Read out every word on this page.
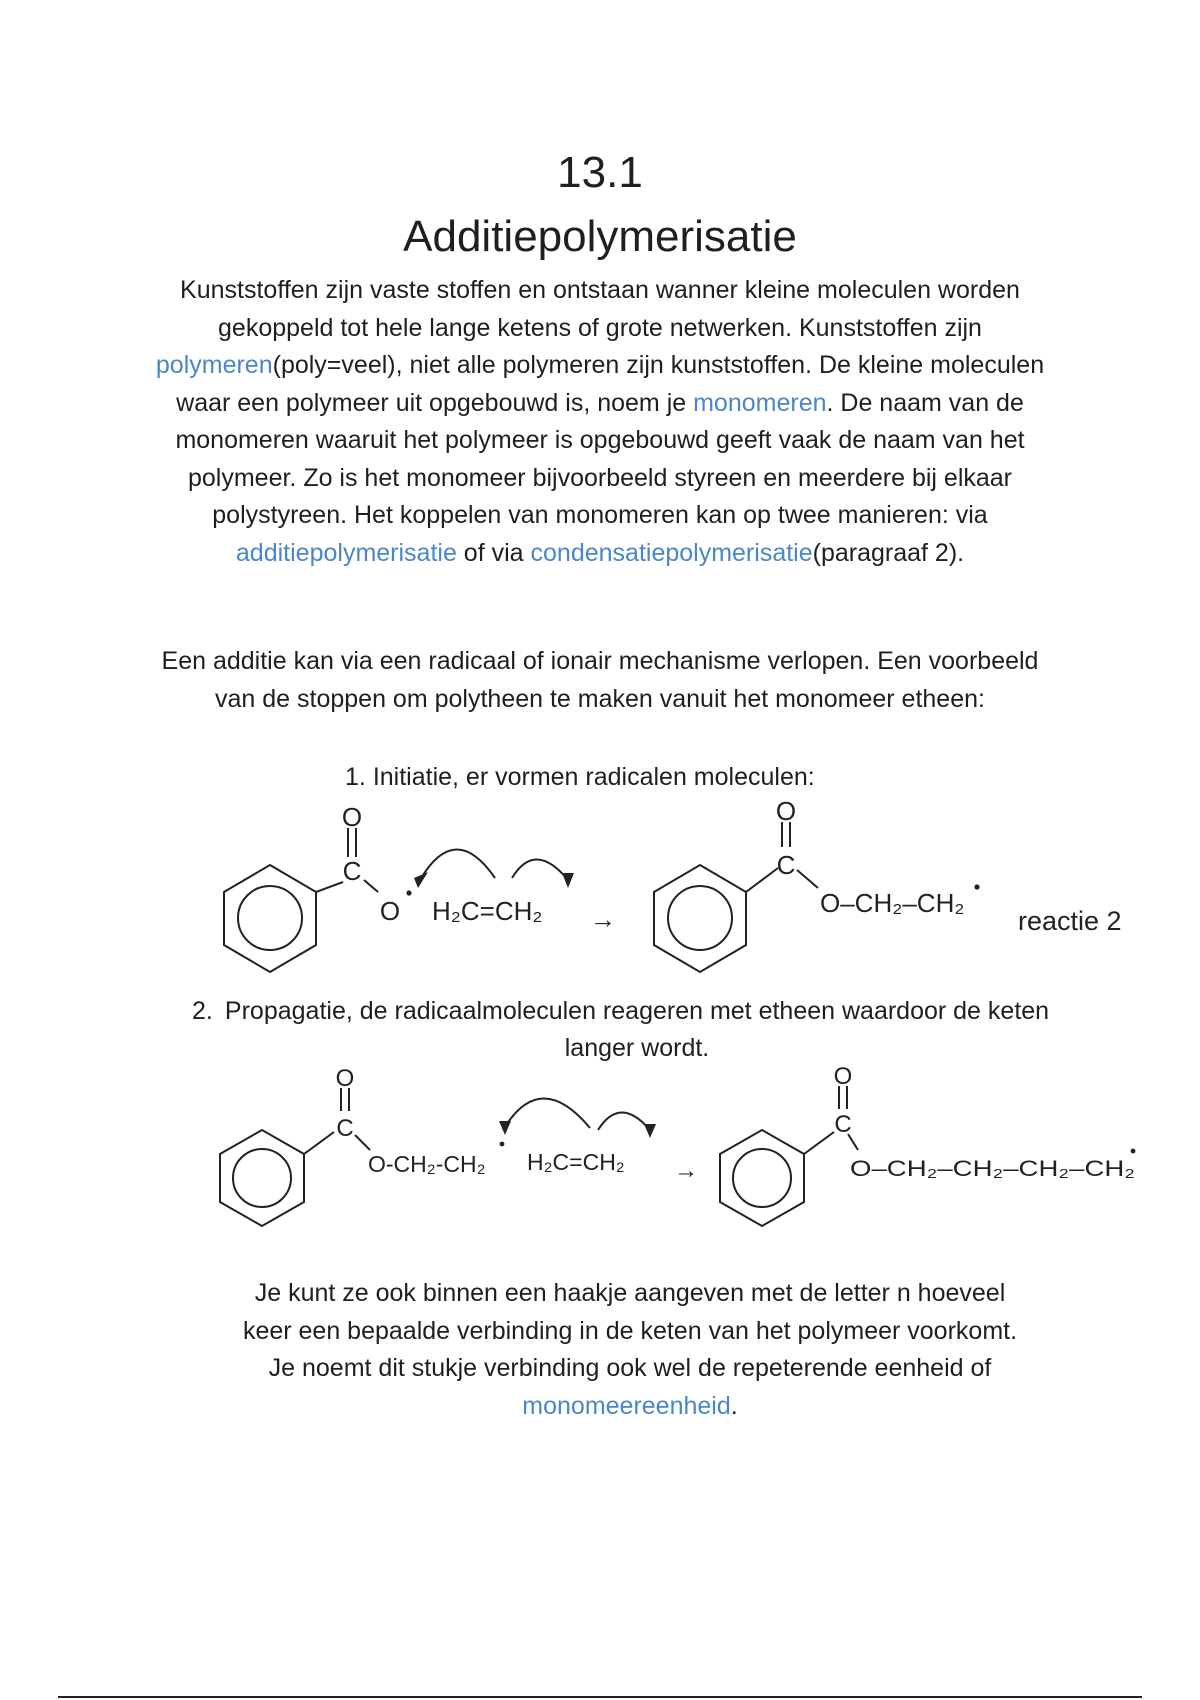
13.1
Additiepolymerisatie

Kunststoffen zijn vaste stoffen en ontstaan wanner kleine moleculen worden gekoppeld tot hele lange ketens of grote netwerken. Kunststoffen zijn polymeren(poly=veel), niet alle polymeren zijn kunststoffen. De kleine moleculen waar een polymeer uit opgebouwd is, noem je monomeren. De naam van de monomeren waaruit het polymeer is opgebouwd geeft vaak de naam van het polymeer. Zo is het monomeer bijvoorbeeld styreen en meerdere bij elkaar polystyreen. Het koppelen van monomeren kan op twee manieren: via additiepolymerisatie of via condensatiepolymerisatie(paragraaf 2).

Een additie kan via een radicaal of ionair mechanisme verlopen. Een voorbeeld van de stoppen om polytheen te maken vanuit het monomeer etheen:

1. Initiatie, er vormen radicalen moleculen:
O
C
O H₂C=CH₂ →
O
C
O–CH₂–CH₂
reactie 2
2. Propagatie, de radicaalmoleculen reageren met etheen waardoor de keten langer wordt.

O
C
O-CH₂-CH₂ H₂C=CH₂ →
O
C
O–CH₂–CH₂–CH₂–CH₂

Je kunt ze ook binnen een haakje aangeven met de letter n hoeveel keer een bepaalde verbinding in de keten van het polymeer voorkomt. Je noemt dit stukje verbinding ook wel de repeterende eenheid of monomeereenheid.
